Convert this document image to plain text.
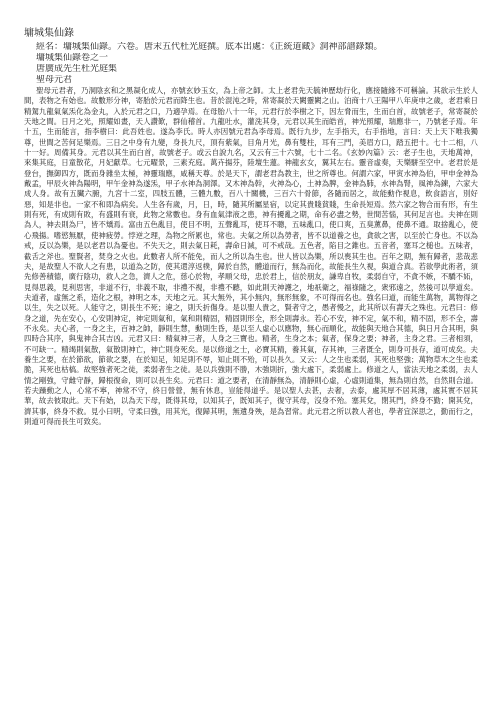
墉城集仙錄
經名：墉城集仙錄。六卷。唐末五代杜光庭撰。底本出處：《正統道藏》洞神部譜錄類。
墉城集仙錄卷之一
唐廣成先生杜光庭集
聖母元君

聖母元君者，乃洞陰玄和之黑凝化成人，亦號玄妙玉女，為上帝之師。太上老君先天毓神歷劫行化，應接隨緣不可稱論。其欲示生於人間，表物之有始也。故數形分神，寄胎於元君而降生也。昔於混沌之時，常寄凝於天闕靈闕之山。泊商十八王陽甲八年庚申之歲，老君乘日精駕九龍氣氣炁化為金丸，入於元君之口，乃適孕焉。在母胎八十一年，元君行於李樹之下，因左脅而生，生而白首，故號老子，常寄凝於天地之間。日月之光，照耀如晝，天人讚歎，群仙稽首。九龍吐水，灌洗其身，元君以其生而皓首，神光照耀，瑞應非一，乃號老子焉。年十五，生而能言，指李樹曰：此吾姓也。遂為李氏。時人亦因號元君為李母焉。既行九步，左手指天，右手指地，言曰：天上天下唯我獨尊，世間之苦何足樂焉。三日之中身有九變，身長九尺，頂有紫氣，目角月光，鼻有雙柱，耳有三門，美眉方口，踏五把十。七十二相，八十一好。周備其身。元君以其生而白首，故號老子。或云自說九名，又云有三十六號，七十二名。《玄妙內篇》云：老子生也，天地萬神，來集其庭，日童散花，月妃獻草。七元曜景，三素充庭。萬卉揚芬，陸壇生蓮。神龍玄女，翼其左右。靈音虛奏，天樂駢至空中。老君於是登台，撫御四方，既而身雜坐太極，神靈瑞應，咸稱天尊。於是天下，謂老君為教主，世之所尊也。何謂六家，甲寅水神為伯，甲申金神為戴孟，甲辰火神為陽明，甲午金神為遂炁，甲子水神為洞澤。又木神為幹，火神為心，土神為脾，金神為肺，水神為腎，風神為鍊，六家大成人身。故有五臟六腑，九宮十二室，四肢五體，三體九數，百八十關機，三百六十骨節，各隨而居之，故能動作視息，飲食語言，別好惡，知是非也。一家不和即為病矣。人生各有歲，月，日，時，隨其所屬星宿，以定其貴賤貧賤，生命長短焉。然六家之物合而有形，有生則有死，有成則有敗，有盛則有衰，此物之常數也。身有血氣津液之患，神有擾亂之期，命有必盡之勢，世間苦惱，其何足言也。夫神在則為人，神去則為尸，皆不矯焉。富由五色亂目，使目不明，五聲亂耳，使耳不聰，五味亂口，使口爽，五臭薰鼻，使鼻不通。取捨亂心，使心飛揚。嗜慾無厭，使神疲勞。悖逆之理，為物之所累也，常也。夫氣之所以為勞者，皆不以道養之也，貪欲之害，以至於亡身也。不以為戒，反以為樂，是以老君以為憂也。不失天之，則去氣日耗，壽命日減，可不戒哉。五色者，陷目之錐也。五音者，塞耳之槌也。五味者，截舌之斧也。聖賢者，焚身之火也。此數者人所不能免，而人之所以為生也。世人皆以為樂，所以喪其生也。百年之期，無有歸者，悲哉悲夫，是故聖人不欲人之有患，以道為之防，使其還淳返樸，歸於自然，體道而行，無為而化，故能長生久視，與道合真。若欲學此術者，須先修善積德，廣行陰功，救人之急，濟人之危，慈心於物，孝順父母，忠於君上，信於朋友，謙卑自牧，柔弱自守，不貪不嫉，不驕不妬，見得思義，見利思害，非道不行，非義不取，非禮不視，非禮不聽，如此則天神護之，地祇衛之，福祿隨之，衆邪遠之，然後可以學道矣。夫道者，虛無之系，造化之根，神明之本，天地之元。其大無外，其小無內，無形無象，不可得而名也。強名曰道，而能生萬物，萬物得之以生，失之以死。人能守之，則長生不死；違之，則夭折傷身。是以聖人貴之，賢者守之，愚者慢之，此其所以有壽夭之殊也。元君曰：修身之道，先在安心，心安則神定，神定則氣和，氣和則精固，精固則形全，形全則壽永。若心不安，神不定，氣不和，精不固，形不全，壽不永矣。夫心者，一身之主，百神之帥，靜則生慧，動則生昏，是以至人虛心以應物，無心而順化，故能與天地合其德，與日月合其明，與四時合其序，與鬼神合其吉凶。元君又曰：精氣神三者，人身之三寶也。精者，生身之本；氣者，保身之要；神者，主身之君。三者相須，不可缺一。精竭則氣散，氣散則神亡，神亡則身死矣。是以修道之士，必寶其精，養其氣，存其神，三者既全，則身可長存，道可成矣。夫養生之要，在於節欲，節欲之要，在於知足，知足則不辱，知止則不殆，可以長久。又云：人之生也柔弱，其死也堅強；萬物草木之生也柔脆，其死也枯槁。故堅強者死之徒，柔弱者生之徒。是以兵強則不勝，木強則折，強大處下，柔弱處上。修道之人，當法天地之柔弱，去人情之剛強，守雌守靜，歸根復命，則可以長生矣。元君曰：道之要者，在清靜無為，清靜則心虛，心虛則道集，無為則自然，自然則合道。若夫躁動之人，心常不寧，神常不守，終日營營，無有休息，豈能得道乎。是以聖人去甚，去奢，去泰，處其厚不居其薄，處其實不居其華，故去彼取此。天下有始，以為天下母，既得其母，以知其子，既知其子，復守其母，沒身不殆。塞其兌，閉其門，終身不勤；開其兌，濟其事，終身不救。見小曰明，守柔曰強，用其光，復歸其明，無遺身殃，是為習常。此元君之所以教人者也，學者宜深思之，勤而行之，則道可得而長生可致矣。
